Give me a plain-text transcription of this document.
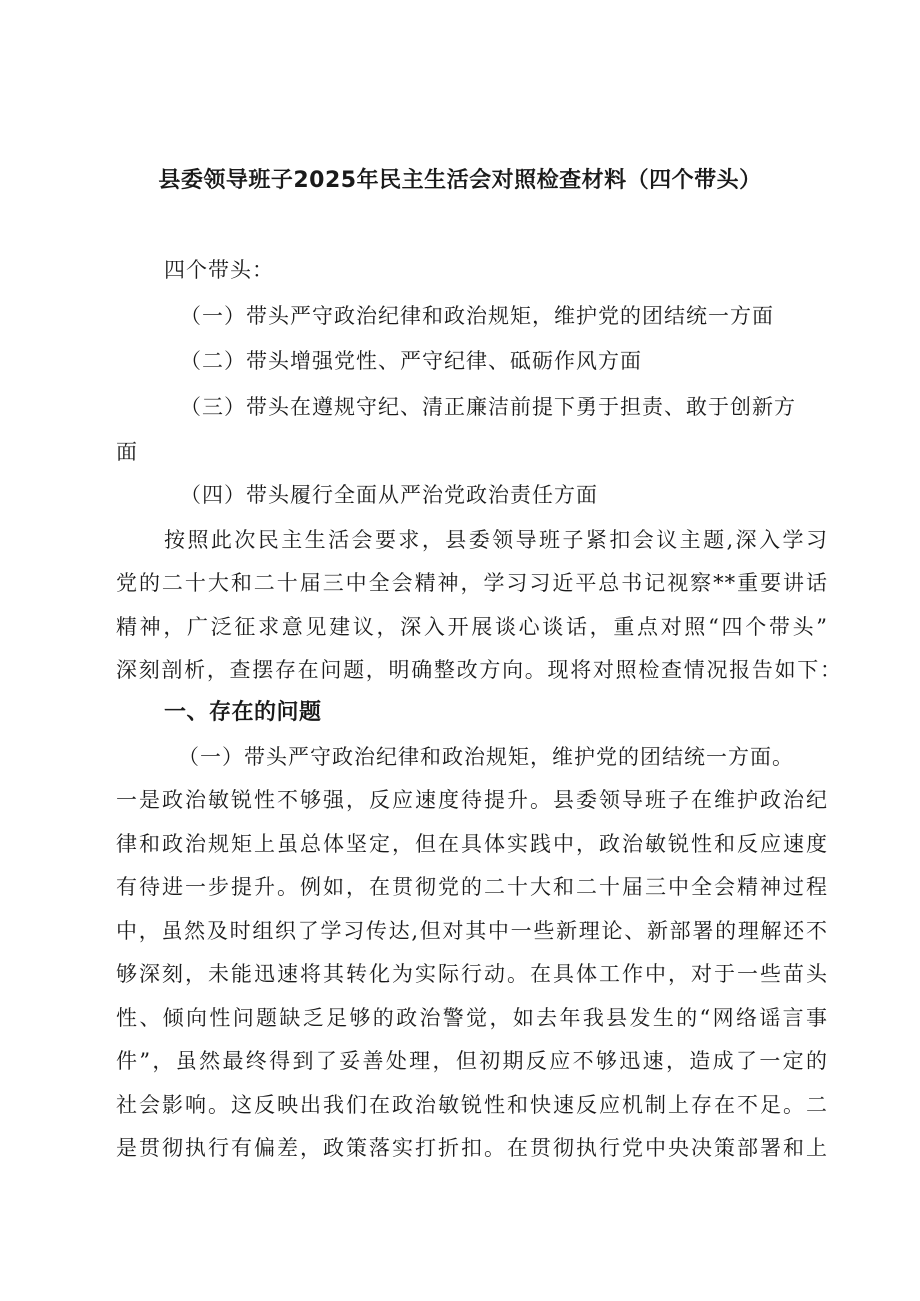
县委领导班子2025年民主生活会对照检查材料（四个带头）
四个带头：
（一）带头严守政治纪律和政治规矩，维护党的团结统一方面
（二）带头增强党性、严守纪律、砥砺作风方面
（三）带头在遵规守纪、清正廉洁前提下勇于担责、敢于创新方
面
（四）带头履行全面从严治党政治责任方面
按照此次民主生活会要求，县委领导班子紧扣会议主题,深入学习
党的二十大和二十届三中全会精神，学习习近平总书记视察**重要讲话
精神，广泛征求意见建议，深入开展谈心谈话，重点对照“四个带头”
深刻剖析，查摆存在问题，明确整改方向。现将对照检查情况报告如下：
一、存在的问题
（一）带头严守政治纪律和政治规矩，维护党的团结统一方面。
一是政治敏锐性不够强，反应速度待提升。县委领导班子在维护政治纪
律和政治规矩上虽总体坚定，但在具体实践中，政治敏锐性和反应速度
有待进一步提升。例如，在贯彻党的二十大和二十届三中全会精神过程
中，虽然及时组织了学习传达,但对其中一些新理论、新部署的理解还不
够深刻，未能迅速将其转化为实际行动。在具体工作中，对于一些苗头
性、倾向性问题缺乏足够的政治警觉，如去年我县发生的“网络谣言事
件”，虽然最终得到了妥善处理，但初期反应不够迅速，造成了一定的
社会影响。这反映出我们在政治敏锐性和快速反应机制上存在不足。二
是贯彻执行有偏差，政策落实打折扣。在贯彻执行党中央决策部署和上
